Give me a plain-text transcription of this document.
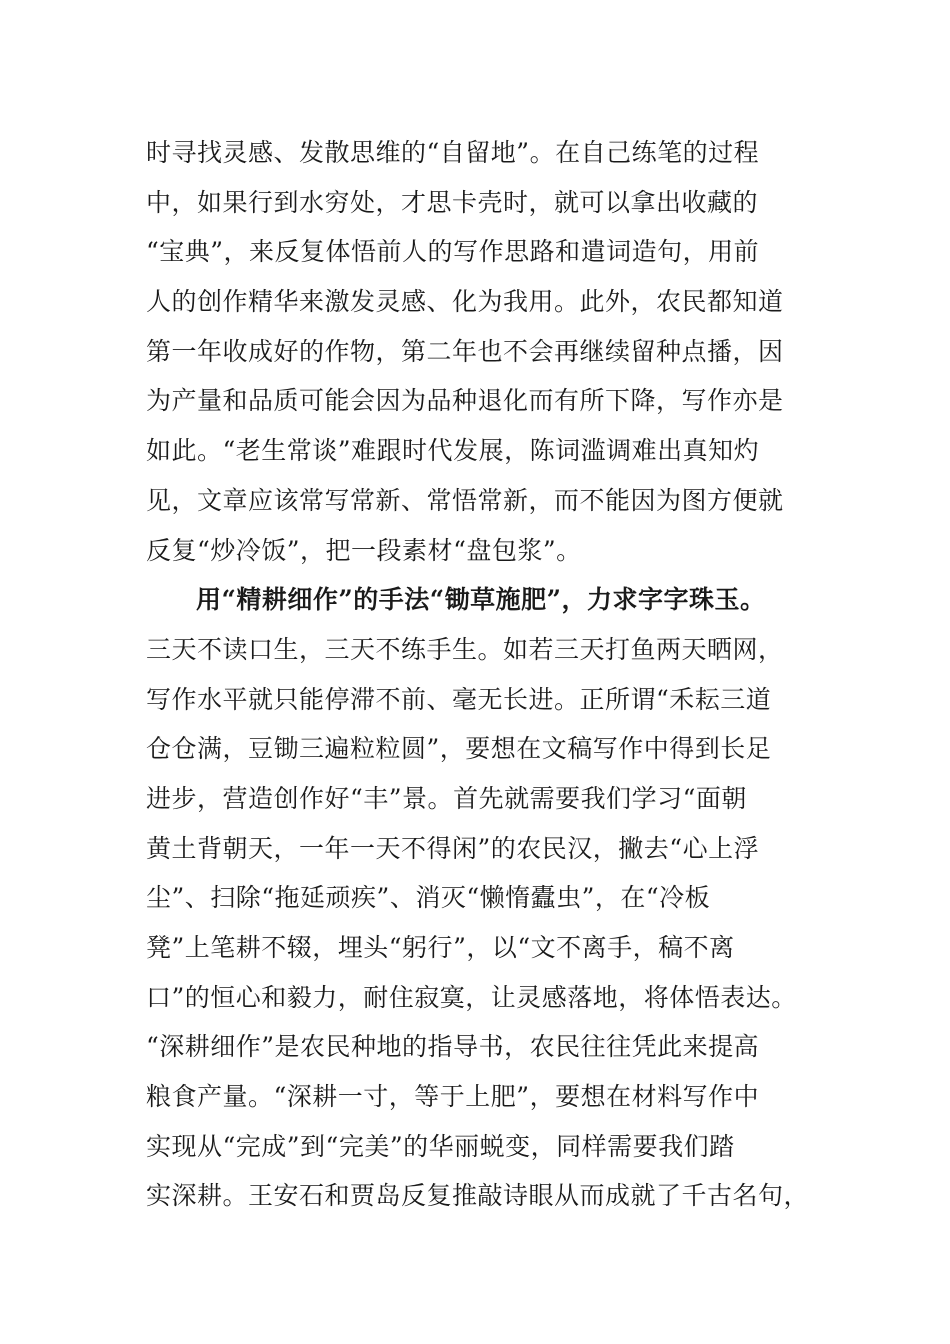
时寻找灵感、发散思维的“自留地”。在自己练笔的过程
中，如果行到水穷处，才思卡壳时，就可以拿出收藏的
“宝典”，来反复体悟前人的写作思路和遣词造句，用前
人的创作精华来激发灵感、化为我用。此外，农民都知道
第一年收成好的作物，第二年也不会再继续留种点播，因
为产量和品质可能会因为品种退化而有所下降，写作亦是
如此。“老生常谈”难跟时代发展，陈词滥调难出真知灼
见，文章应该常写常新、常悟常新，而不能因为图方便就
反复“炒冷饭”，把一段素材“盘包浆”。
用“精耕细作”的手法“锄草施肥”，力求字字珠玉。
三天不读口生，三天不练手生。如若三天打鱼两天晒网，
写作水平就只能停滞不前、毫无长进。正所谓“禾耘三道
仓仓满，豆锄三遍粒粒圆”，要想在文稿写作中得到长足
进步，营造创作好“丰”景。首先就需要我们学习“面朝
黄土背朝天，一年一天不得闲”的农民汉，撇去“心上浮
尘”、扫除“拖延顽疾”、消灭“懒惰蠹虫”，在“冷板
凳”上笔耕不辍，埋头“躬行”，以“文不离手，稿不离
口”的恒心和毅力，耐住寂寞，让灵感落地，将体悟表达。
“深耕细作”是农民种地的指导书，农民往往凭此来提高
粮食产量。“深耕一寸，等于上肥”，要想在材料写作中
实现从“完成”到“完美”的华丽蜕变，同样需要我们踏
实深耕。王安石和贾岛反复推敲诗眼从而成就了千古名句，
